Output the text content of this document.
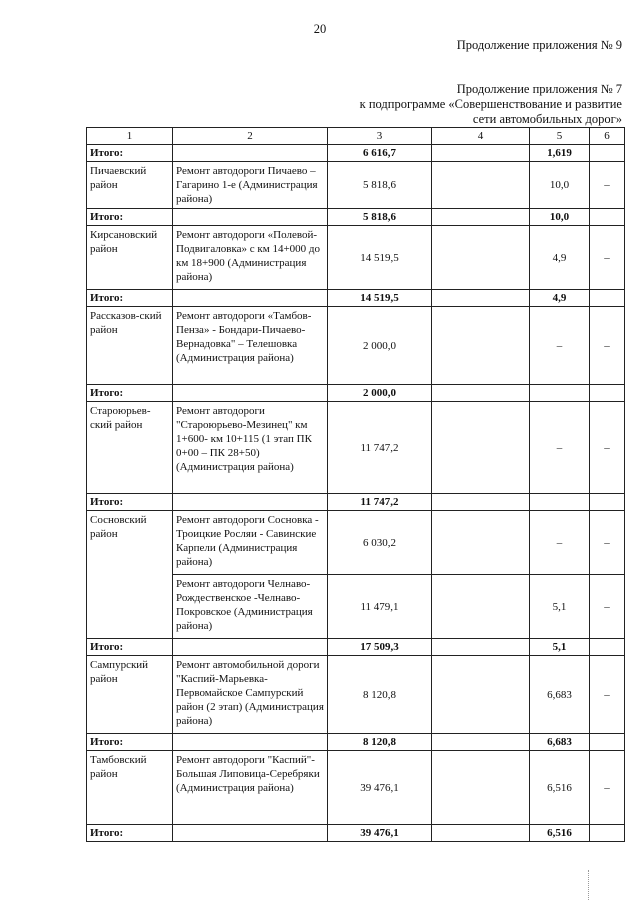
20
Продолжение приложения № 9
Продолжение приложения № 7
к подпрограмме «Совершенствование и развитие
сети автомобильных дорог»
1	2	3	4	5	6
Итого:		6 616,7		1,619	
Пичаевский район	Ремонт автодороги Пичаево – Гагарино 1-е (Администрация района)	5 818,6		10,0	–
Итого:		5 818,6		10,0	
Кирсановский район	Ремонт автодороги «Полевой-Подвигаловка» с км 14+000 до км 18+900 (Администрация района)	14 519,5		4,9	–
Итого:		14 519,5		4,9	
Рассказов-ский район	Ремонт автодороги «Тамбов-Пенза» - Бондари-Пичаево-Вернадовка" – Телешовка (Администрация района)	2 000,0		–	–
Итого:		2 000,0			
Староюрьев-ский район	Ремонт автодороги "Староюрьево-Мезинец" км 1+600- км 10+115 (1 этап ПК 0+00 – ПК 28+50) (Администрация района)	11 747,2		–	–
Итого:		11 747,2			
Сосновский район	Ремонт автодороги Сосновка - Троицкие Росляи - Савинские Карпели (Администрация района)	6 030,2		–	–
	Ремонт автодороги Челнаво- Рождественское -Челнаво-Покровское (Администрация района)	11 479,1		5,1	–
Итого:		17 509,3		5,1	
Сампурский район	Ремонт автомобильной дороги "Каспий-Марьевка-Первомайское Сампурский район (2 этап) (Администрация района)	8 120,8		6,683	–
Итого:		8 120,8		6,683	
Тамбовский район	Ремонт автодороги "Каспий"-Большая Липовица-Серебряки (Администрация района)	39 476,1		6,516	–
Итого:		39 476,1		6,516	
